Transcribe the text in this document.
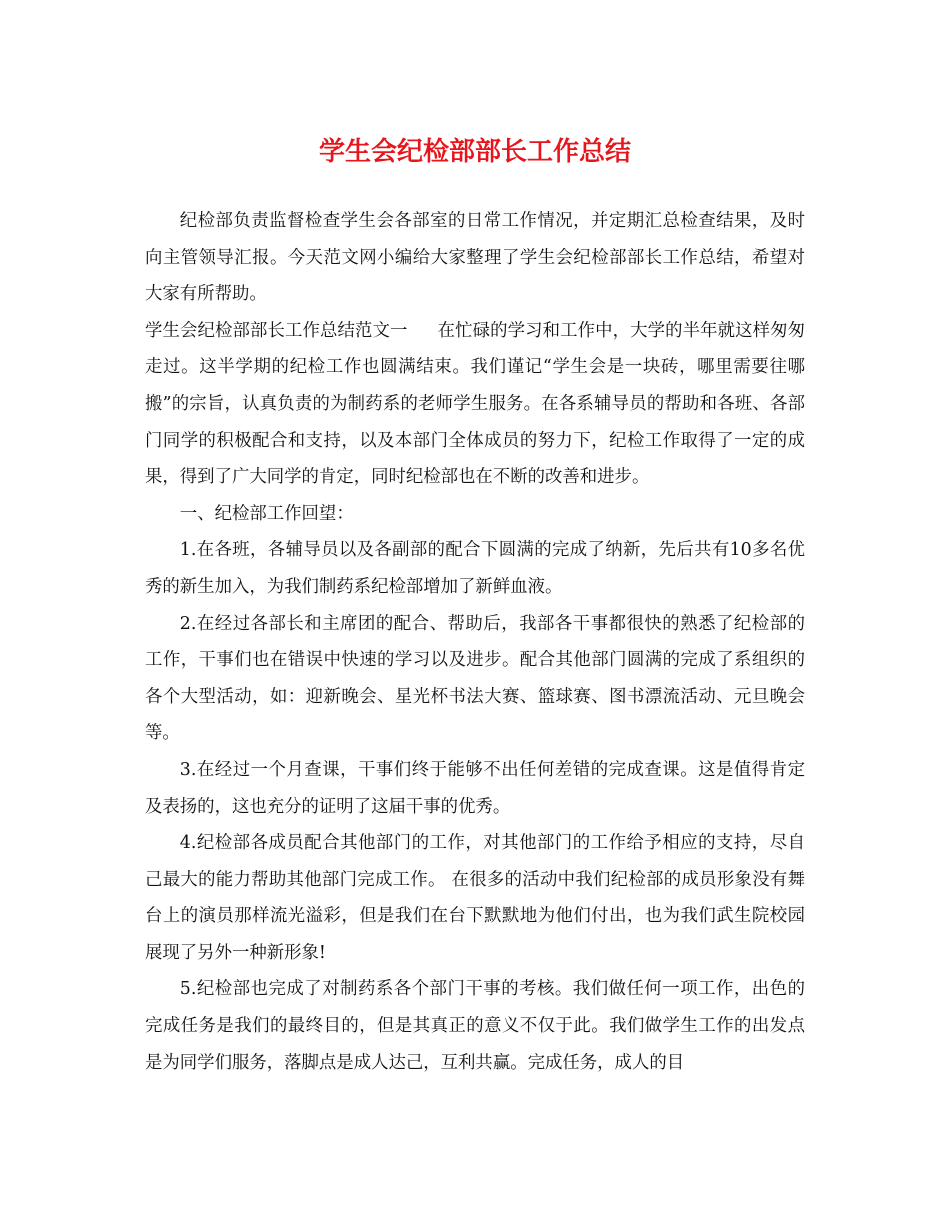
学生会纪检部部长工作总结

纪检部负责监督检查学生会各部室的日常工作情况，并定期汇总检查结果，及时向主管领导汇报。今天范文网小编给大家整理了学生会纪检部部长工作总结，希望对大家有所帮助。

学生会纪检部部长工作总结范文一 在忙碌的学习和工作中，大学的半年就这样匆匆走过。这半学期的纪检工作也圆满结束。我们谨记“学生会是一块砖，哪里需要往哪搬”的宗旨，认真负责的为制药系的老师学生服务。在各系辅导员的帮助和各班、各部门同学的积极配合和支持，以及本部门全体成员的努力下，纪检工作取得了一定的成果，得到了广大同学的肯定，同时纪检部也在不断的改善和进步。

一、纪检部工作回望：

1.在各班，各辅导员以及各副部的配合下圆满的完成了纳新，先后共有10多名优秀的新生加入，为我们制药系纪检部增加了新鲜血液。

2.在经过各部长和主席团的配合、帮助后，我部各干事都很快的熟悉了纪检部的工作，干事们也在错误中快速的学习以及进步。配合其他部门圆满的完成了系组织的各个大型活动，如：迎新晚会、星光杯书法大赛、篮球赛、图书漂流活动、元旦晚会等。

3.在经过一个月查课，干事们终于能够不出任何差错的完成查课。这是值得肯定及表扬的，这也充分的证明了这届干事的优秀。

4.纪检部各成员配合其他部门的工作，对其他部门的工作给予相应的支持，尽自己最大的能力帮助其他部门完成工作。 在很多的活动中我们纪检部的成员形象没有舞台上的演员那样流光溢彩，但是我们在台下默默地为他们付出，也为我们武生院校园展现了另外一种新形象!

5.纪检部也完成了对制药系各个部门干事的考核。我们做任何一项工作，出色的完成任务是我们的最终目的，但是其真正的意义不仅于此。我们做学生工作的出发点是为同学们服务，落脚点是成人达己，互利共赢。完成任务，成人的目
